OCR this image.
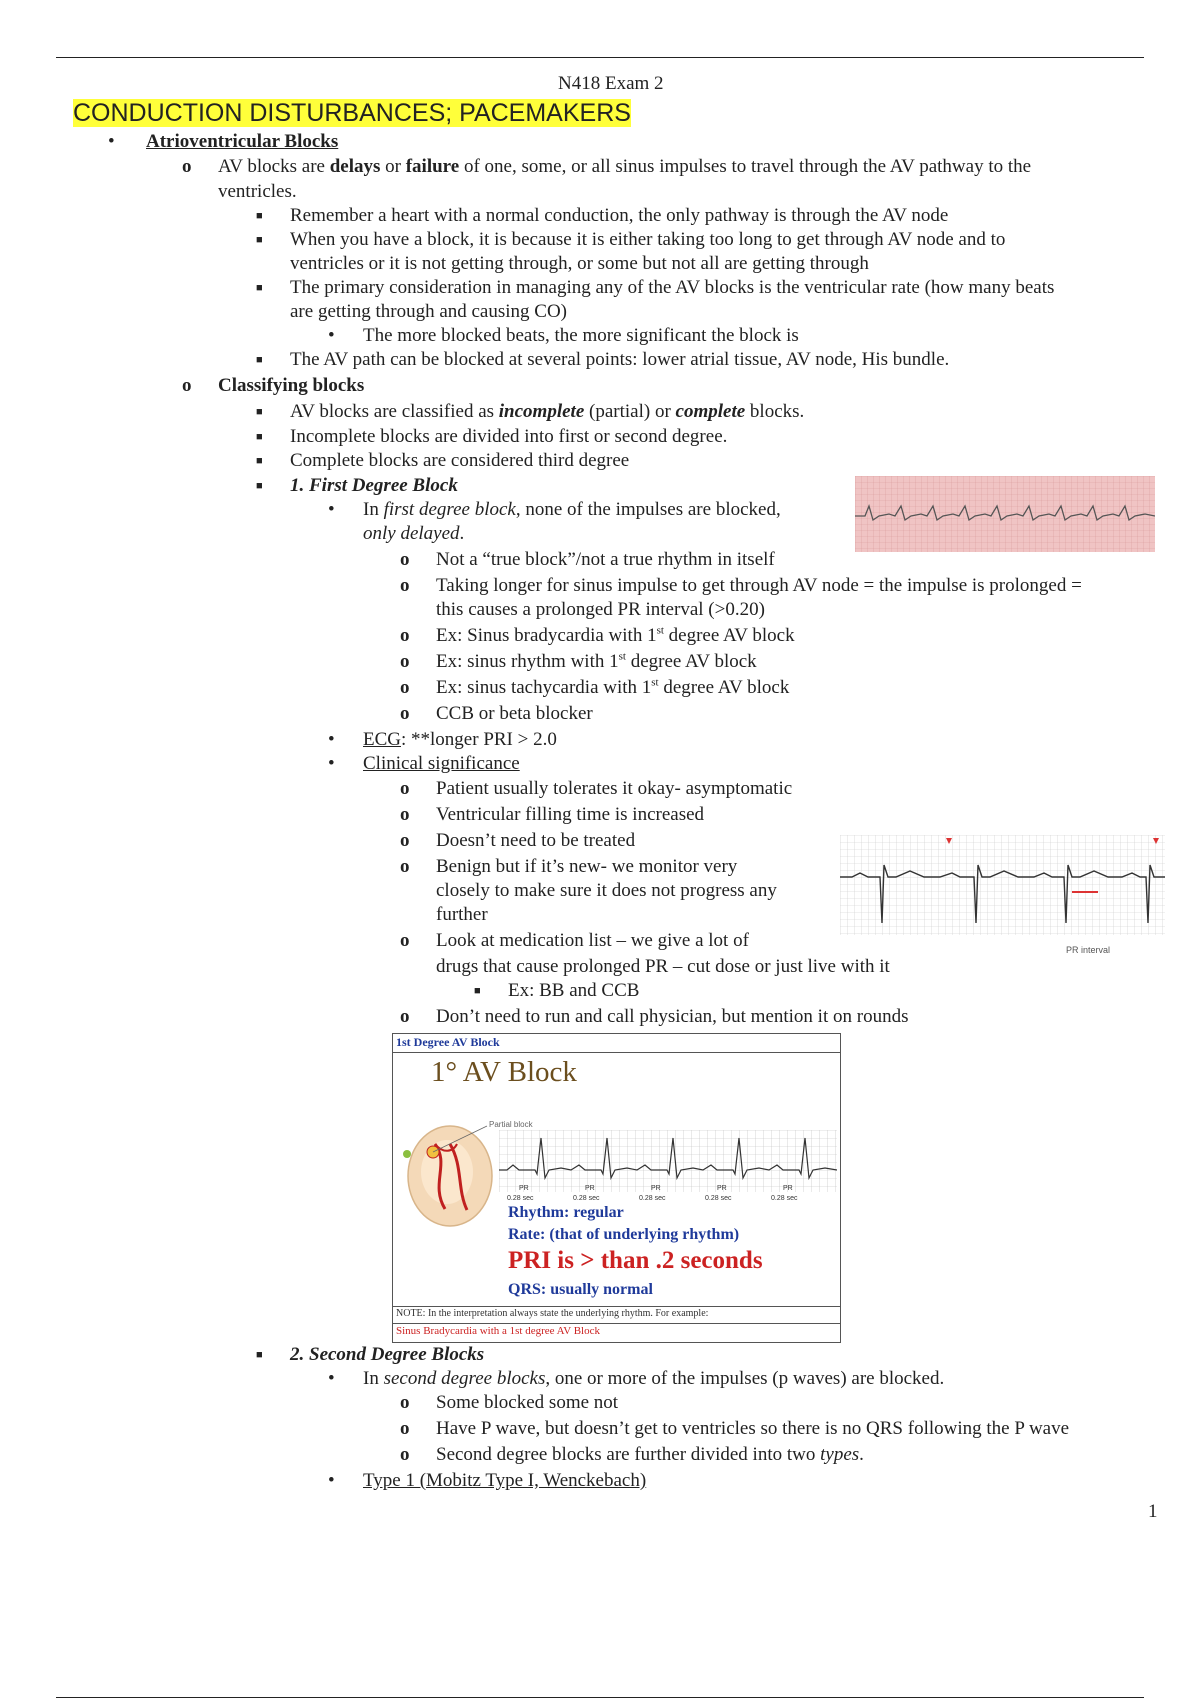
N418 Exam 2
CONDUCTION DISTURBANCES; PACEMAKERS
• Atrioventricular Blocks
o AV blocks are delays or failure of one, some, or all sinus impulses to travel through the AV pathway to the
ventricles.
■ Remember a heart with a normal conduction, the only pathway is through the AV node
■ When you have a block, it is because it is either taking too long to get through AV node and to
ventricles or it is not getting through, or some but not all are getting through
■ The primary consideration in managing any of the AV blocks is the ventricular rate (how many beats
are getting through and causing CO)
• The more blocked beats, the more significant the block is
■ The AV path can be blocked at several points: lower atrial tissue, AV node, His bundle.
o Classifying blocks
■ AV blocks are classified as incomplete (partial) or complete blocks.
■ Incomplete blocks are divided into first or second degree.
■ Complete blocks are considered third degree
■ 1. First Degree Block
• In first degree block, none of the impulses are blocked,
only delayed.
o Not a “true block”/not a true rhythm in itself
o Taking longer for sinus impulse to get through AV node = the impulse is prolonged =
this causes a prolonged PR interval (>0.20)
o Ex: Sinus bradycardia with 1st degree AV block
o Ex: sinus rhythm with 1st degree AV block
o Ex: sinus tachycardia with 1st degree AV block
o CCB or beta blocker
• ECG: **longer PRI > 2.0
• Clinical significance
o Patient usually tolerates it okay- asymptomatic
o Ventricular filling time is increased
o Doesn’t need to be treated
o Benign but if it’s new- we monitor very
closely to make sure it does not progress any
further
o Look at medication list – we give a lot of
drugs that cause prolonged PR – cut dose or just live with it
■ Ex: BB and CCB
o Don’t need to run and call physician, but mention it on rounds
PR interval
1st Degree AV Block
1° AV Block
Partial block
PR
0.28 sec
PR
0.28 sec
PR
0.28 sec
PR
0.28 sec
PR
0.28 sec
Rhythm: regular
Rate: (that of underlying rhythm)
PRI is > than .2 seconds
QRS: usually normal
NOTE: In the interpretation always state the underlying rhythm. For example:
Sinus Bradycardia with a 1st degree AV Block
■ 2. Second Degree Blocks
• In second degree blocks, one or more of the impulses (p waves) are blocked.
o Some blocked some not
o Have P wave, but doesn’t get to ventricles so there is no QRS following the P wave
o Second degree blocks are further divided into two types.
• Type 1 (Mobitz Type I, Wenckebach)
1
